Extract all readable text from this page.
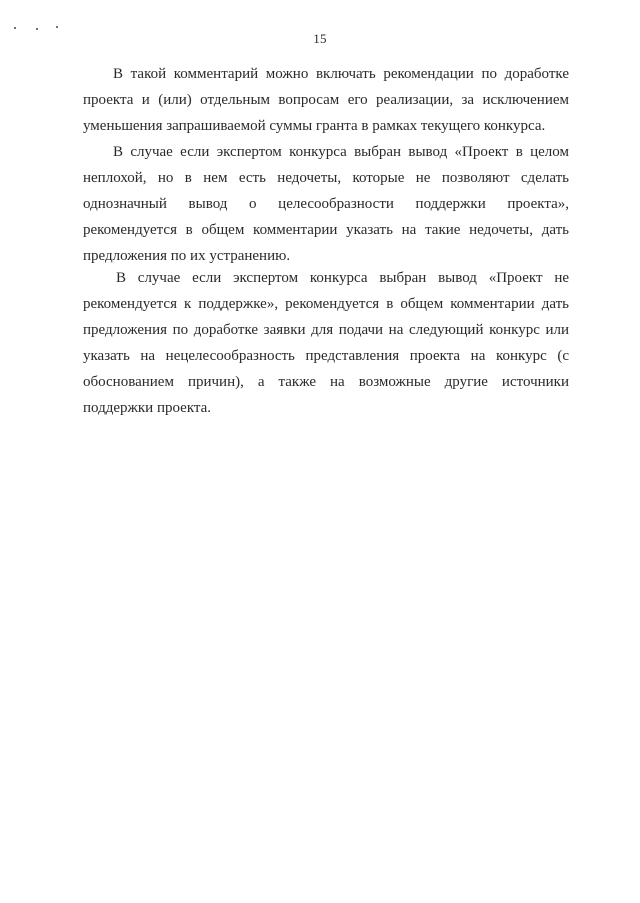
15
В такой комментарий можно включать рекомендации по доработке
проекта и (или) отдельным вопросам его реализации, за исключением
уменьшения запрашиваемой суммы гранта в рамках текущего конкурса.
В случае если экспертом конкурса выбран вывод «Проект в целом
неплохой, но в нем есть недочеты, которые не позволяют сделать
однозначный вывод о целесообразности поддержки проекта»,
рекомендуется в общем комментарии указать на такие недочеты, дать
предложения по их устранению.
В случае если экспертом конкурса выбран вывод «Проект не
рекомендуется к поддержке», рекомендуется в общем комментарии дать
предложения по доработке заявки для подачи на следующий конкурс или
указать на нецелесообразность представления проекта на конкурс (с
обоснованием причин), а также на возможные другие источники
поддержки проекта.
